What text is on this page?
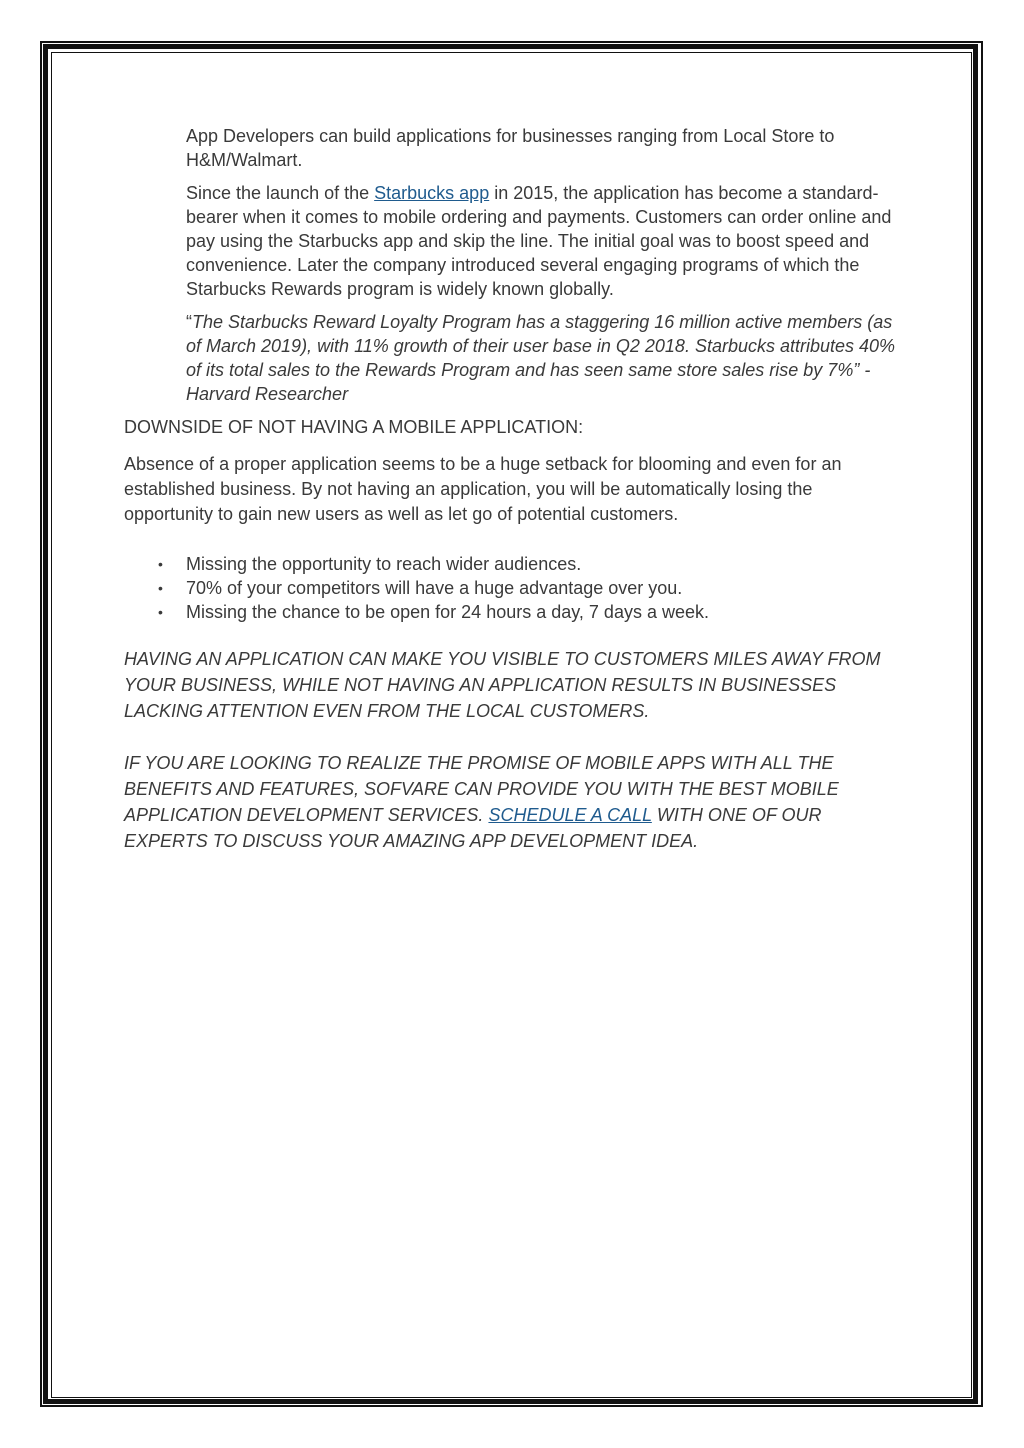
App Developers can build applications for businesses ranging from Local Store to H&M/Walmart.

Since the launch of the Starbucks app in 2015, the application has become a standard-bearer when it comes to mobile ordering and payments. Customers can order online and pay using the Starbucks app and skip the line. The initial goal was to boost speed and convenience. Later the company introduced several engaging programs of which the Starbucks Rewards program is widely known globally.

“The Starbucks Reward Loyalty Program has a staggering 16 million active members (as of March 2019), with 11% growth of their user base in Q2 2018. Starbucks attributes 40% of its total sales to the Rewards Program and has seen same store sales rise by 7%” -Harvard Researcher

DOWNSIDE OF NOT HAVING A MOBILE APPLICATION:

Absence of a proper application seems to be a huge setback for blooming and even for an established business. By not having an application, you will be automatically losing the opportunity to gain new users as well as let go of potential customers.

• Missing the opportunity to reach wider audiences.
• 70% of your competitors will have a huge advantage over you.
• Missing the chance to be open for 24 hours a day, 7 days a week.

HAVING AN APPLICATION CAN MAKE YOU VISIBLE TO CUSTOMERS MILES AWAY FROM YOUR BUSINESS, WHILE NOT HAVING AN APPLICATION RESULTS IN BUSINESSES LACKING ATTENTION EVEN FROM THE LOCAL CUSTOMERS.

IF YOU ARE LOOKING TO REALIZE THE PROMISE OF MOBILE APPS WITH ALL THE BENEFITS AND FEATURES, SOFVARE CAN PROVIDE YOU WITH THE BEST MOBILE APPLICATION DEVELOPMENT SERVICES. SCHEDULE A CALL WITH ONE OF OUR EXPERTS TO DISCUSS YOUR AMAZING APP DEVELOPMENT IDEA.
